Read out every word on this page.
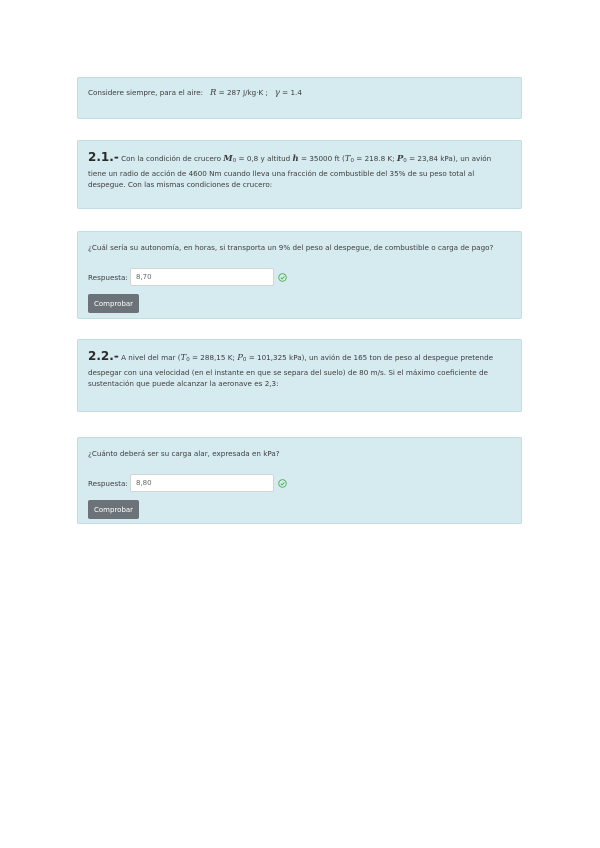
Considere siempre, para el aire: R = 287 J/kg·K ; γ = 1.4
2.1.- Con la condición de crucero M0 = 0,8 y altitud h = 35000 ft (T0 = 218.8 K; P0 = 23,84 kPa), un avión tiene un radio de acción de 4600 Nm cuando lleva una fracción de combustible del 35% de su peso total al despegue. Con las mismas condiciones de crucero:
¿Cuál sería su autonomía, en horas, si transporta un 9% del peso al despegue, de combustible o carga de pago?
Respuesta:	8,70
Comprobar
2.2.- A nivel del mar (T0 = 288,15 K; P0 = 101,325 kPa), un avión de 165 ton de peso al despegue pretende despegar con una velocidad (en el instante en que se separa del suelo) de 80 m/s. Si el máximo coeficiente de sustentación que puede alcanzar la aeronave es 2,3:
¿Cuánto deberá ser su carga alar, expresada en kPa?
Respuesta:	8,80
Comprobar
